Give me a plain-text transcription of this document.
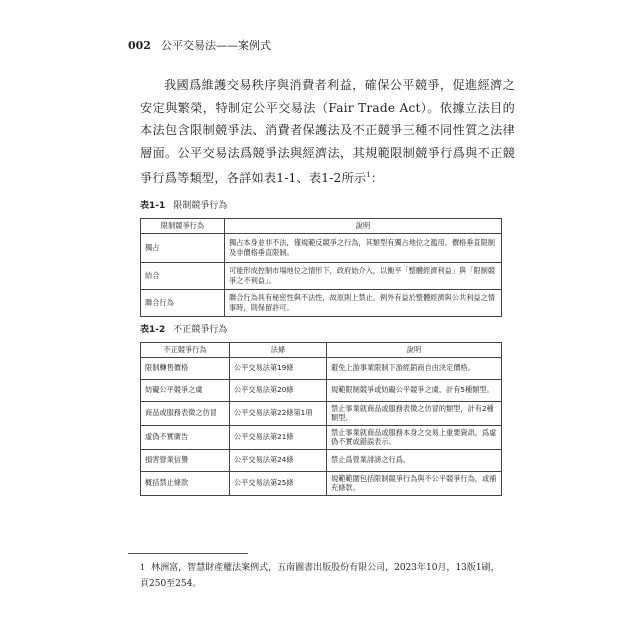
002 公平交易法——案例式

我國爲維護交易秩序與消費者利益，確保公平競爭，促進經濟之安定與繁榮，特制定公平交易法（Fair Trade Act）。依據立法目的本法包含限制競爭法、消費者保護法及不正競爭三種不同性質之法律層面。公平交易法爲競爭法與經濟法，其規範限制競爭行爲與不正競爭行爲等類型，各詳如表1-1、表1-2所示$^1$：

表1-1 限制競爭行為
限制競爭行為	說明
獨占	獨占本身並非不法，僅規範反競爭之行為，其類型有獨占地位之濫用、價格垂直限制及非價格垂直限制。
結合	可能形成控制市場地位之情形下，政府始介入，以衡平「整體經濟利益」與「限制競爭之不利益」。
聯合行為	聯合行為具有秘密性與不法性，故原則上禁止，例外有益於整體經濟與公共利益之情事時，則保留許可。
表1-2 不正競爭行為
不正競爭行為	法條	說明
限制轉售價格	公平交易法第19條	避免上游事業限制下游經銷商自由決定價格。
妨礙公平競爭之虞	公平交易法第20條	規範限制競爭或妨礙公平競爭之虞，計有5種類型。
商品或服務表徵之仿冒	公平交易法第22條第1項	禁止事業就商品或服務表徵之仿冒的類型，計有2種類型。
虛偽不實廣告	公平交易法第21條	禁止事業就商品或服務本身之交易上重要資訊，爲虛偽不實或錯誤表示。
損害營業信譽	公平交易法第24條	禁止爲營業誹謗之行爲。
概括禁止條款	公平交易法第25條	規範範圍包括限制競爭行為與不公平競爭行為，或補充條款。
1 林洲富，智慧財產權法案例式，五南圖書出版股份有限公司，2023年10月，13版1刷，頁250至254。
